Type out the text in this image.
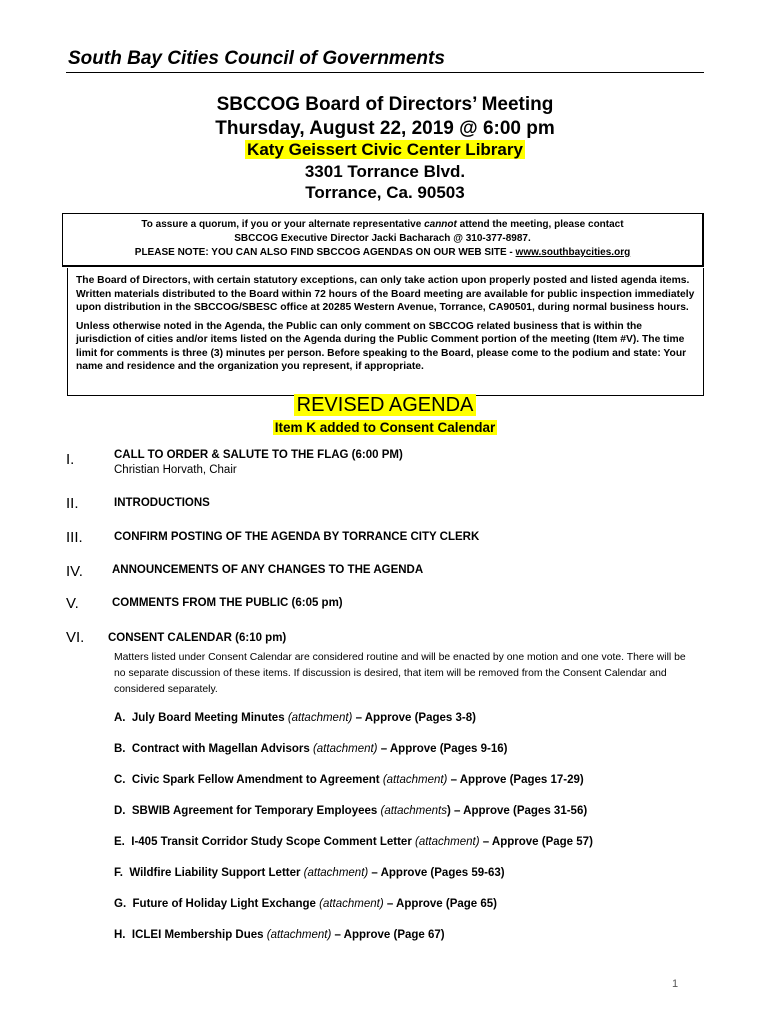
South Bay Cities Council of Governments
SBCCOG Board of Directors’ Meeting
Thursday, August 22, 2019 @ 6:00 pm
Katy Geissert Civic Center Library
3301 Torrance Blvd.
Torrance, Ca. 90503

To assure a quorum, if you or your alternate representative cannot attend the meeting, please contact

SBCCOG Executive Director Jacki Bacharach @ 310-377-8987.

PLEASE NOTE: YOU CAN ALSO FIND SBCCOG AGENDAS ON OUR WEB SITE - www.southbaycities.org

The Board of Directors, with certain statutory exceptions, can only take action upon properly posted and listed agenda items. Written materials distributed to the Board within 72 hours of the Board meeting are available for public inspection immediately upon distribution in the SBCCOG/SBESC office at 20285 Western Avenue, Torrance, CA90501, during normal business hours.

Unless otherwise noted in the Agenda, the Public can only comment on SBCCOG related business that is within the jurisdiction of cities and/or items listed on the Agenda during the Public Comment portion of the meeting (Item #V). The time limit for comments is three (3) minutes per person. Before speaking to the Board, please come to the podium and state: Your name and residence and the organization you represent, if appropriate.

REVISED AGENDA
Item K added to Consent Calendar
I.	CALL TO ORDER & SALUTE TO THE FLAG (6:00 PM)
Christian Horvath, Chair
II.	INTRODUCTIONS
III.	CONFIRM POSTING OF THE AGENDA BY TORRANCE CITY CLERK
IV.	ANNOUNCEMENTS OF ANY CHANGES TO THE AGENDA
V.	COMMENTS FROM THE PUBLIC (6:05 pm)
VI. CONSENT CALENDAR (6:10 pm)
Matters listed under Consent Calendar are considered routine and will be enacted by one motion and one vote. There will be no separate discussion of these items. If discussion is desired, that item will be removed from the Consent Calendar and considered separately.
A. July Board Meeting Minutes (attachment) – Approve (Pages 3-8)
B. Contract with Magellan Advisors (attachment) – Approve (Pages 9-16)
C. Civic Spark Fellow Amendment to Agreement (attachment) – Approve (Pages 17-29)
D. SBWIB Agreement for Temporary Employees (attachments) – Approve (Pages 31-56)
E. I-405 Transit Corridor Study Scope Comment Letter (attachment) – Approve (Page 57)
F. Wildfire Liability Support Letter (attachment) – Approve (Pages 59-63)
G. Future of Holiday Light Exchange (attachment) – Approve (Page 65)
H. ICLEI Membership Dues (attachment) – Approve (Page 67)
1
